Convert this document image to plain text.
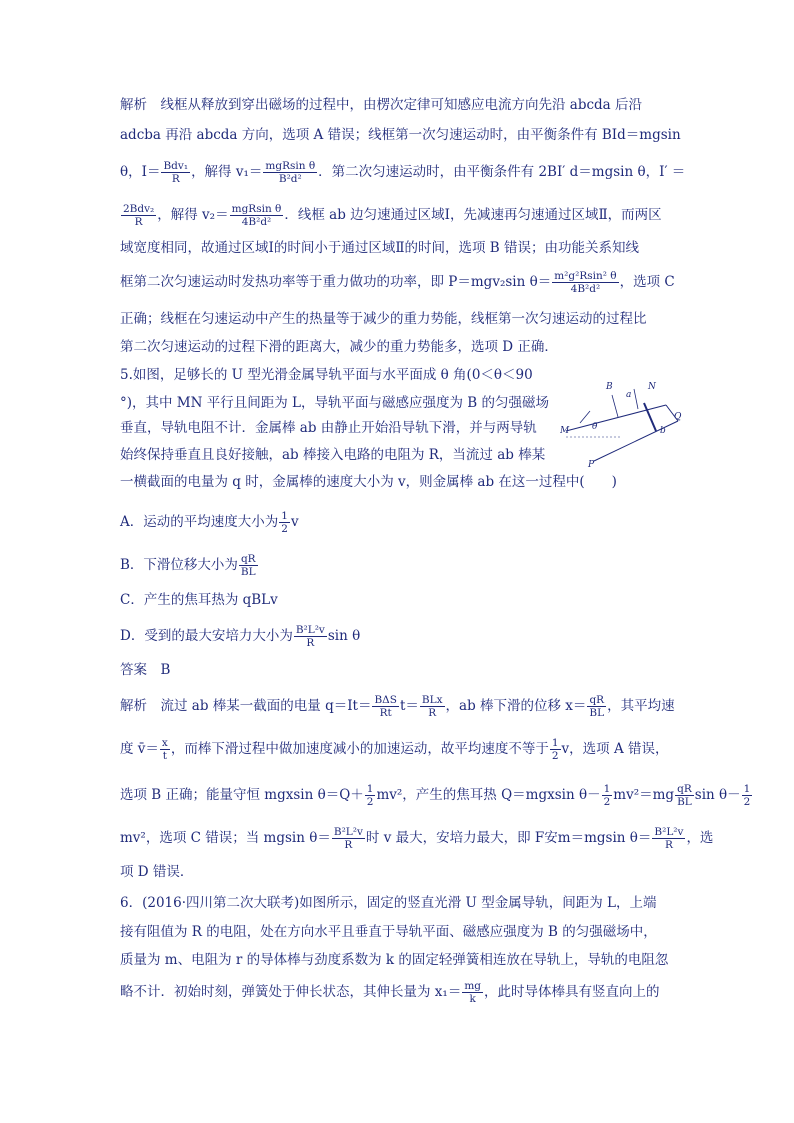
解析　线框从释放到穿出磁场的过程中，由楞次定律可知感应电流方向先沿 abcda 后沿
adcba 再沿 abcda 方向，选项 A 错误；线框第一次匀速运动时，由平衡条件有 BId＝mgsin
θ，$I= \frac{\text{Bdv₁}}{R}$ ，解得 $v_1= \frac{\text{mgRsin θ}}{\text{B²d²}}$ ．第二次匀速运动时，由平衡条件有 2BI′ d＝mgsin θ，I′ ＝
$\frac{\text{2Bdv₂}}{R}$ ，解得 $v_2= \frac{\text{mgRsin θ}}{\text{4B²d²}}$ ．线框 ab 边匀速通过区域Ⅰ，先减速再匀速通过区域Ⅱ，而两区
域宽度相同，故通过区域Ⅰ的时间小于通过区域Ⅱ的时间，选项 B 错误；由功能关系知线
框第二次匀速运动时发热功率等于重力做功的功率，即 P＝mgv₂sin $\theta= \frac{\text{m²g²Rsin² θ}}{\text{4B²d²}}$ ，选项 C
正确；线框在匀速运动中产生的热量等于减少的重力势能，线框第一次匀速运动的过程比
第二次匀速运动的过程下滑的距离大，减少的重力势能多，选项 D 正确．
5.如图，足够长的 U 型光滑金属导轨平面与水平面成 θ 角(0＜θ＜90
°)，其中 MN 平行且间距为 L，导轨平面与磁感应强度为 B 的匀强磁场
垂直，导轨电阻不计．金属棒 ab 由静止开始沿导轨下滑，并与两导轨
始终保持垂直且良好接触，ab 棒接入电路的电阻为 R，当流过 ab 棒某
一横截面的电量为 q 时，金属棒的速度大小为 v，则金属棒 ab 在这一过程中(　　)
B
a
N
Q
b
M
P
θ
A．运动的平均速度大小为 $\frac{1}{2}$ v
B．下滑位移大小为 $\frac{qR}{BL}$
C．产生的焦耳热为 qBLv
D．受到的最大安培力大小为 $\frac{\text{B²L²v}}{R}$ sin θ
答案　B
解析　流过 ab 棒某一截面的电量 $q=It= \frac{\text{BΔS}}{Rt} t= \frac{\text{BLx}}{R}$ ，ab 棒下滑的位移 $x= \frac{qR}{BL}$ ，其平均速
度 v̄＝ $\frac{x}{t}$ ，而棒下滑过程中做加速度减小的加速运动，故平均速度不等于 $\frac{1}{2}$ v，选项 A 错误，
选项 B 正确；能量守恒 mgxsin $\theta=Q+ \frac{1}{2} mv^2$，产生的焦耳热 Q＝mgxsin $\theta- \frac{1}{2} mv^2=mg \frac{qR}{BL}$ $\sin \theta- \frac{1}{2}$
mv²，选项 C 错误；当 mgsin $\theta= \frac{\text{B²L²v}}{R}$ 时 v 最大，安培力最大，即 F安m＝mgsin $\theta= \frac{\text{B²L²v}}{R}$ ，选
项 D 错误．
6．(2016·四川第二次大联考)如图所示，固定的竖直光滑 U 型金属导轨，间距为 L，上端
接有阻值为 R 的电阻，处在方向水平且垂直于导轨平面、磁感应强度为 B 的匀强磁场中，
质量为 m、电阻为 r 的导体棒与劲度系数为 k 的固定轻弹簧相连放在导轨上，导轨的电阻忽
略不计．初始时刻，弹簧处于伸长状态，其伸长量为 $x_1= \frac{mg}{k}$ ，此时导体棒具有竖直向上的
